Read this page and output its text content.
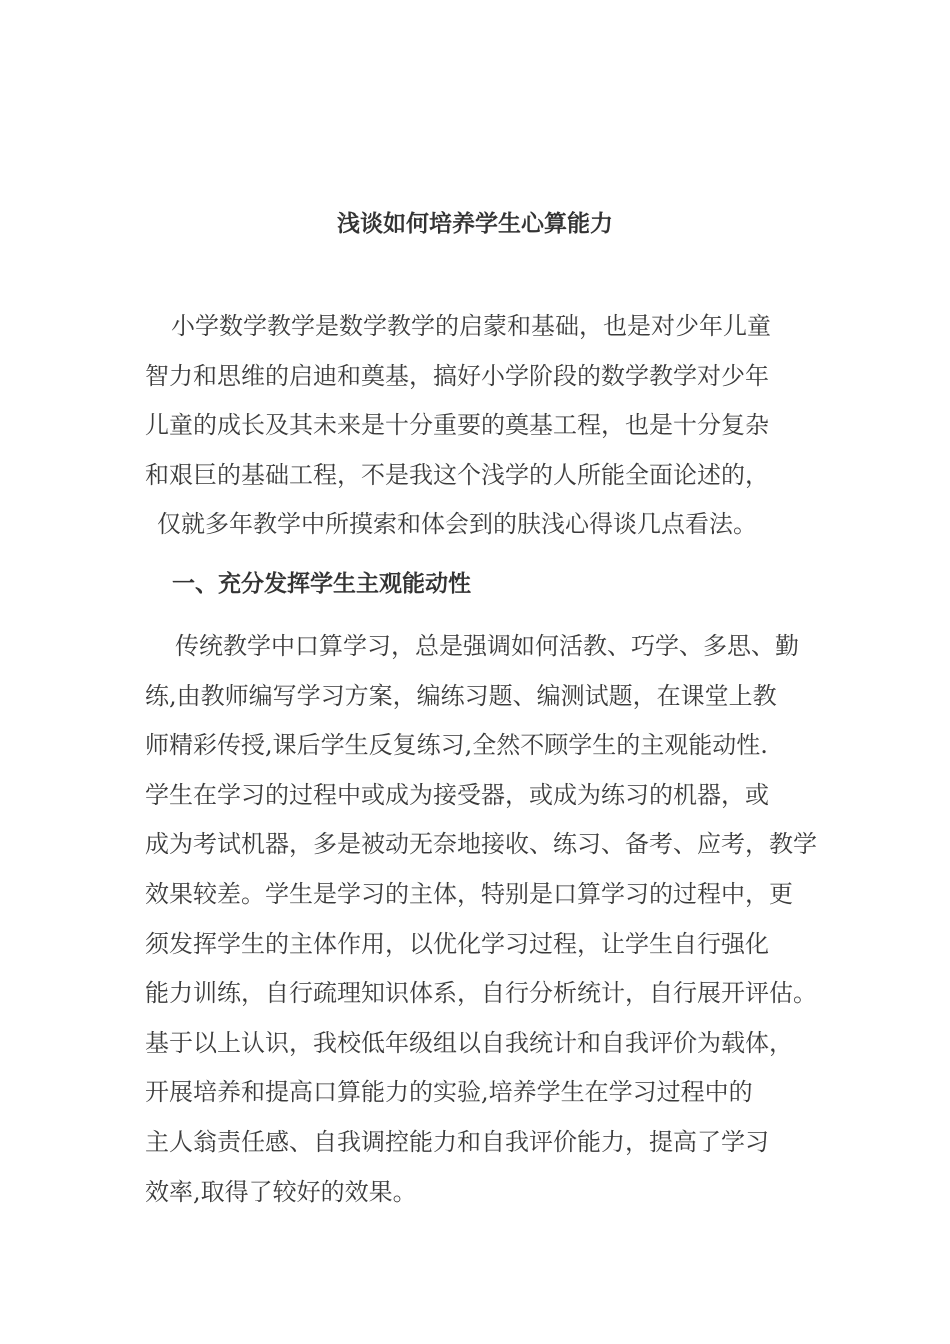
浅谈如何培养学生心算能力
小学数学教学是数学教学的启蒙和基础，也是对少年儿童
智力和思维的启迪和奠基，搞好小学阶段的数学教学对少年
儿童的成长及其未来是十分重要的奠基工程，也是十分复杂
和艰巨的基础工程，不是我这个浅学的人所能全面论述的，
仅就多年教学中所摸索和体会到的肤浅心得谈几点看法。
一、充分发挥学生主观能动性
传统教学中口算学习，总是强调如何活教、巧学、多思、勤
练,由教师编写学习方案，编练习题、编测试题，在课堂上教
师精彩传授,课后学生反复练习,全然不顾学生的主观能动性.
学生在学习的过程中或成为接受器，或成为练习的机器，或
成为考试机器，多是被动无奈地接收、练习、备考、应考，教学
效果较差。学生是学习的主体，特别是口算学习的过程中，更
须发挥学生的主体作用，以优化学习过程，让学生自行强化
能力训练，自行疏理知识体系，自行分析统计，自行展开评估。
基于以上认识，我校低年级组以自我统计和自我评价为载体，
开展培养和提高口算能力的实验,培养学生在学习过程中的
主人翁责任感、自我调控能力和自我评价能力，提高了学习
效率,取得了较好的效果。
